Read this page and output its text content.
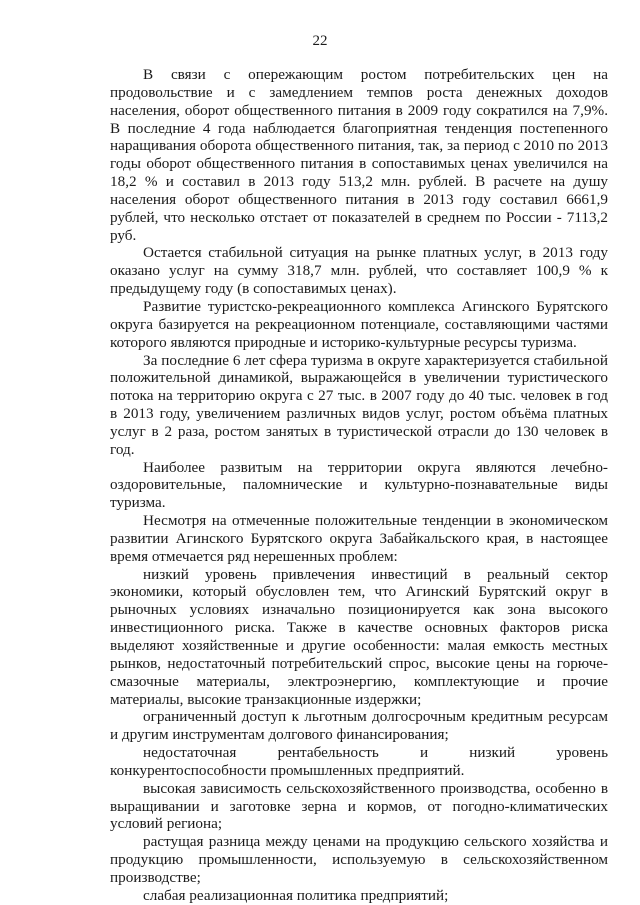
22

В связи с опережающим ростом потребительских цен на продовольствие и с замедлением темпов роста денежных доходов населения, оборот общественного питания в 2009 году сократился на 7,9%. В последние 4 года наблюдается благоприятная тенденция постепенного наращивания оборота общественного питания, так, за период с 2010 по 2013 годы оборот общественного питания в сопоставимых ценах увеличился на 18,2 % и составил в 2013 году 513,2 млн. рублей. В расчете на душу населения оборот общественного питания в 2013 году составил 6661,9 рублей, что несколько отстает от показателей в среднем по России - 7113,2 руб.

Остается стабильной ситуация на рынке платных услуг, в 2013 году оказано услуг на сумму 318,7 млн. рублей, что составляет 100,9 % к предыдущему году (в сопоставимых ценах).

Развитие туристско-рекреационного комплекса Агинского Бурятского округа базируется на рекреационном потенциале, составляющими частями которого являются природные и историко-культурные ресурсы туризма.

За последние 6 лет сфера туризма в округе характеризуется стабильной положительной динамикой, выражающейся в увеличении туристического потока на территорию округа с 27 тыс. в 2007 году до 40 тыс. человек в год в 2013 году, увеличением различных видов услуг, ростом объёма платных услуг в 2 раза, ростом занятых в туристической отрасли до 130 человек в год.

Наиболее развитым на территории округа являются лечебно-оздоровительные, паломнические и культурно-познавательные виды туризма.

Несмотря на отмеченные положительные тенденции в экономическом развитии Агинского Бурятского округа Забайкальского края, в настоящее время отмечается ряд нерешенных проблем:

низкий уровень привлечения инвестиций в реальный сектор экономики, который обусловлен тем, что Агинский Бурятский округ в рыночных условиях изначально позиционируется как зона высокого инвестиционного риска. Также в качестве основных факторов риска выделяют хозяйственные и другие особенности: малая емкость местных рынков, недостаточный потребительский спрос, высокие цены на горюче-смазочные материалы, электроэнергию, комплектующие и прочие материалы, высокие транзакционные издержки;

ограниченный доступ к льготным долгосрочным кредитным ресурсам и другим инструментам долгового финансирования;

недостаточная рентабельность и низкий уровень конкурентоспособности промышленных предприятий.

высокая зависимость сельскохозяйственного производства, особенно в выращивании и заготовке зерна и кормов, от погодно-климатических условий региона;

растущая разница между ценами на продукцию сельского хозяйства и продукцию промышленности, используемую в сельскохозяйственном производстве;

слабая реализационная политика предприятий;
